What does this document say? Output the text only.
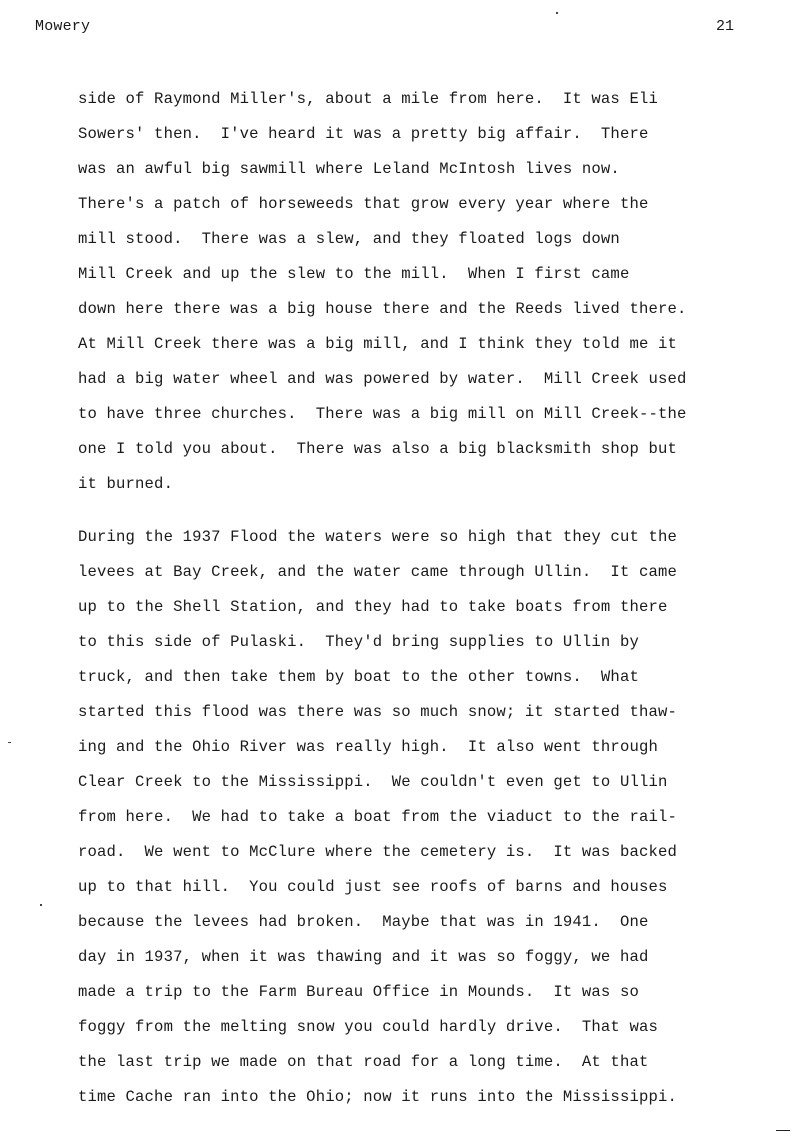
Mowery	21
side of Raymond Miller's, about a mile from here.  It was Eli
Sowers' then.  I've heard it was a pretty big affair.  There
was an awful big sawmill where Leland McIntosh lives now.
There's a patch of horseweeds that grow every year where the
mill stood.  There was a slew, and they floated logs down
Mill Creek and up the slew to the mill.  When I first came
down here there was a big house there and the Reeds lived there.
At Mill Creek there was a big mill, and I think they told me it
had a big water wheel and was powered by water.  Mill Creek used
to have three churches.  There was a big mill on Mill Creek--the
one I told you about.  There was also a big blacksmith shop but
it burned.
During the 1937 Flood the waters were so high that they cut the
levees at Bay Creek, and the water came through Ullin.  It came
up to the Shell Station, and they had to take boats from there
to this side of Pulaski.  They'd bring supplies to Ullin by
truck, and then take them by boat to the other towns.  What
started this flood was there was so much snow; it started thaw-
ing and the Ohio River was really high.  It also went through
Clear Creek to the Mississippi.  We couldn't even get to Ullin
from here.  We had to take a boat from the viaduct to the rail-
road.  We went to McClure where the cemetery is.  It was backed
up to that hill.  You could just see roofs of barns and houses
because the levees had broken.  Maybe that was in 1941.  One
day in 1937, when it was thawing and it was so foggy, we had
made a trip to the Farm Bureau Office in Mounds.  It was so
foggy from the melting snow you could hardly drive.  That was
the last trip we made on that road for a long time.  At that
time Cache ran into the Ohio; now it runs into the Mississippi.
